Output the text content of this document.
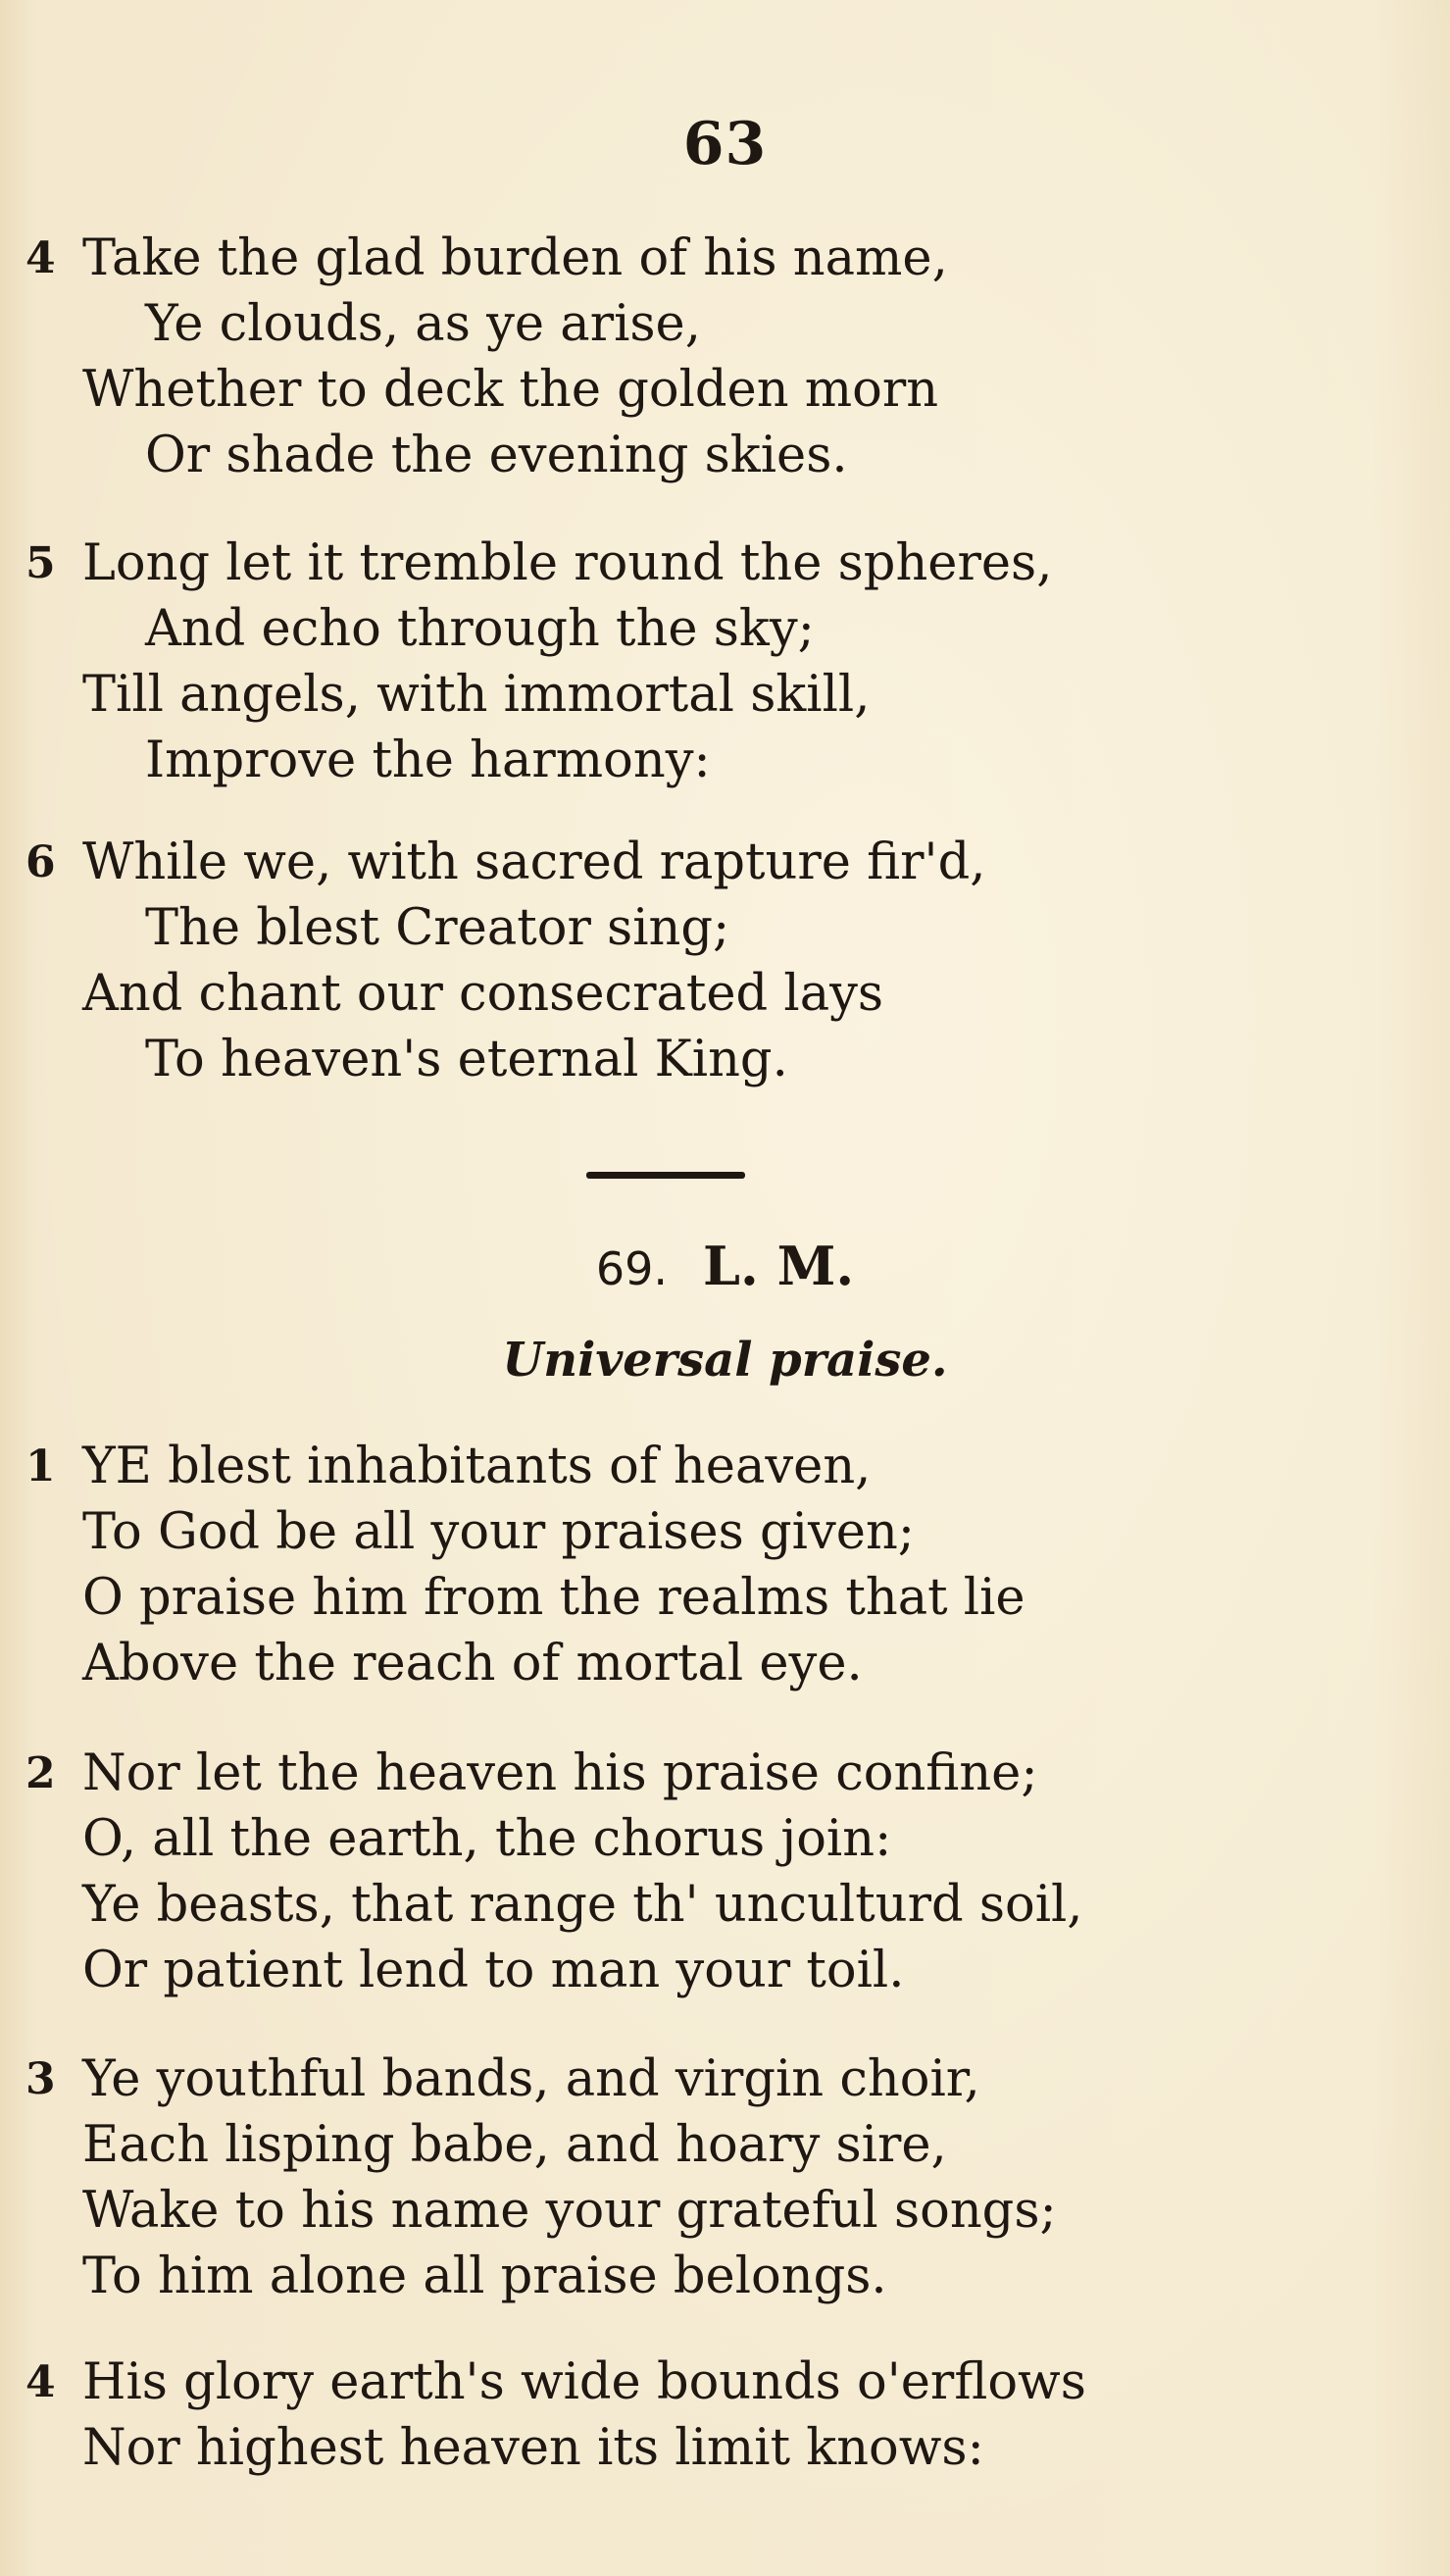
63
4 Take the glad burden of his name,
Ye clouds, as ye arise,
Whether to deck the golden morn
Or shade the evening skies.
5 Long let it tremble round the spheres,
And echo through the sky;
Till angels, with immortal skill,
Improve the harmony:
6 While we, with sacred rapture fir'd,
The blest Creator sing;
And chant our consecrated lays
To heaven's eternal King.
69. L. M.
Universal praise.
1 YE blest inhabitants of heaven,
To God be all your praises given;
O praise him from the realms that lie
Above the reach of mortal eye.
2 Nor let the heaven his praise confine;
O, all the earth, the chorus join:
Ye beasts, that range th' unculturd soil,
Or patient lend to man your toil.
3 Ye youthful bands, and virgin choir,
Each lisping babe, and hoary sire,
Wake to his name your grateful songs;
To him alone all praise belongs.
4 His glory earth's wide bounds o'erflows
Nor highest heaven its limit knows:
